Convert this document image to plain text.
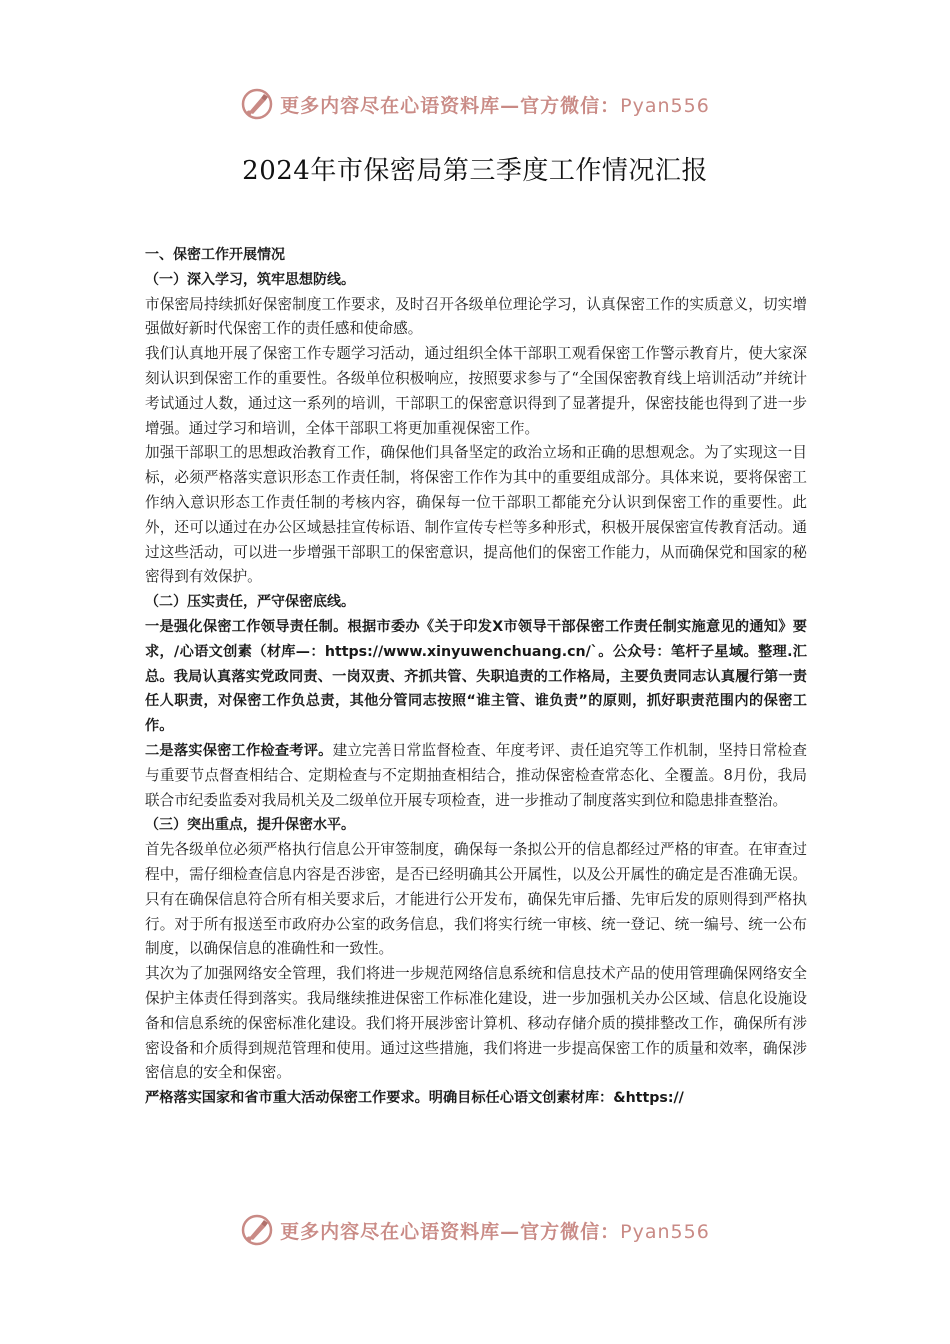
更多内容尽在心语资料库—官方微信：Pyan556
2024年市保密局第三季度工作情况汇报

一、保密工作开展情况

（一）深入学习，筑牢思想防线。

市保密局持续抓好保密制度工作要求，及时召开各级单位理论学习，认真保密工作的实质意义，切实增强做好新时代保密工作的责任感和使命感。

我们认真地开展了保密工作专题学习活动，通过组织全体干部职工观看保密工作警示教育片，使大家深刻认识到保密工作的重要性。各级单位积极响应，按照要求参与了“全国保密教育线上培训活动”并统计考试通过人数，通过这一系列的培训，干部职工的保密意识得到了显著提升，保密技能也得到了进一步增强。通过学习和培训，全体干部职工将更加重视保密工作。

加强干部职工的思想政治教育工作，确保他们具备坚定的政治立场和正确的思想观念。为了实现这一目标，必须严格落实意识形态工作责任制，将保密工作作为其中的重要组成部分。具体来说，要将保密工作纳入意识形态工作责任制的考核内容，确保每一位干部职工都能充分认识到保密工作的重要性。此外，还可以通过在办公区域悬挂宣传标语、制作宣传专栏等多种形式，积极开展保密宣传教育活动。通过这些活动，可以进一步增强干部职工的保密意识，提高他们的保密工作能力，从而确保党和国家的秘密得到有效保护。

（二）压实责任，严守保密底线。

一是强化保密工作领导责任制。根据市委办《关于印发X市领导干部保密工作责任制实施意见的通知》要求，/心语文创素（材库—：https://www.xinyuwenchuang.cn/`。公众号：笔杆子星域。整理.汇总。我局认真落实党政同责、一岗双责、齐抓共管、失职追责的工作格局，主要负责同志认真履行第一责任人职责，对保密工作负总责，其他分管同志按照“谁主管、谁负责”的原则，抓好职责范围内的保密工作。

二是落实保密工作检查考评。建立完善日常监督检查、年度考评、责任追究等工作机制，坚持日常检查与重要节点督查相结合、定期检查与不定期抽查相结合，推动保密检查常态化、全覆盖。8月份，我局联合市纪委监委对我局机关及二级单位开展专项检查，进一步推动了制度落实到位和隐患排查整治。

（三）突出重点，提升保密水平。

首先各级单位必须严格执行信息公开审签制度，确保每一条拟公开的信息都经过严格的审查。在审查过程中，需仔细检查信息内容是否涉密，是否已经明确其公开属性，以及公开属性的确定是否准确无误。只有在确保信息符合所有相关要求后，才能进行公开发布，确保先审后播、先审后发的原则得到严格执行。对于所有报送至市政府办公室的政务信息，我们将实行统一审核、统一登记、统一编号、统一公布制度，以确保信息的准确性和一致性。

其次为了加强网络安全管理，我们将进一步规范网络信息系统和信息技术产品的使用管理确保网络安全保护主体责任得到落实。我局继续推进保密工作标准化建设，进一步加强机关办公区域、信息化设施设备和信息系统的保密标准化建设。我们将开展涉密计算机、移动存储介质的摸排整改工作，确保所有涉密设备和介质得到规范管理和使用。通过这些措施，我们将进一步提高保密工作的质量和效率，确保涉密信息的安全和保密。

严格落实国家和省市重大活动保密工作要求。明确目标任心语文创素材库：&https://

更多内容尽在心语资料库—官方微信：Pyan556
